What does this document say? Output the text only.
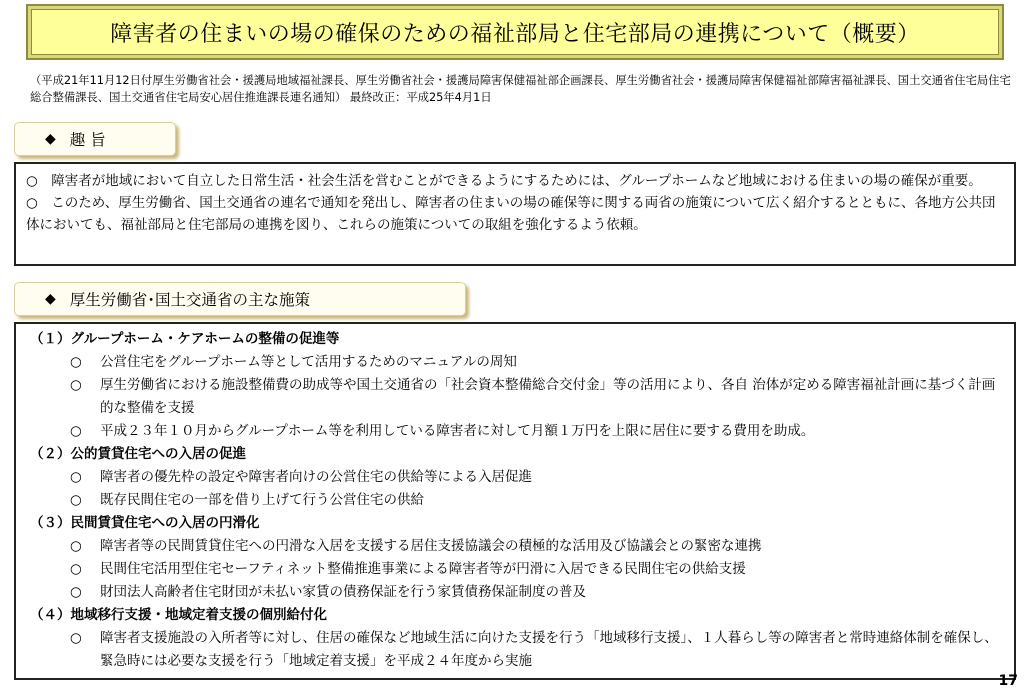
障害者の住まいの場の確保のための福祉部局と住宅部局の連携について（概要）
（平成21年11月12日付厚生労働省社会・援護局地域福祉課長、厚生労働省社会・援護局障害保健福祉部企画課長、厚生労働省社会・援護局障害保健福祉部障害福祉課長、国土交通省住宅局住宅総合整備課長、国土交通省住宅局安心居住推進課長連名通知） 最終改正：平成25年4月1日
◆ 趣 旨
○　障害者が地域において自立した日常生活・社会生活を営むことができるようにするためには、グループホームなど地域における住まいの場の確保が重要。
○　このため、厚生労働省、国土交通省の連名で通知を発出し、障害者の住まいの場の確保等に関する両省の施策について広く紹介するとともに、各地方公共団体においても、福祉部局と住宅部局の連携を図り、これらの施策についての取組を強化するよう依頼。
◆ 厚生労働省･国土交通省の主な施策
（１）グループホーム・ケアホームの整備の促進等
○ 公営住宅をグループホーム等として活用するためのマニュアルの周知
○ 厚生労働省における施設整備費の助成等や国土交通省の「社会資本整備総合交付金」等の活用により、各自 治体が定める障害福祉計画に基づく計画的な整備を支援
○ 平成２３年１０月からグループホーム等を利用している障害者に対して月額１万円を上限に居住に要する費用を助成。
（２）公的賃貸住宅への入居の促進
○ 障害者の優先枠の設定や障害者向けの公営住宅の供給等による入居促進
○ 既存民間住宅の一部を借り上げて行う公営住宅の供給
（３）民間賃貸住宅への入居の円滑化
○ 障害者等の民間賃貸住宅への円滑な入居を支援する居住支援協議会の積極的な活用及び協議会との緊密な連携
○ 民間住宅活用型住宅セーフティネット整備推進事業による障害者等が円滑に入居できる民間住宅の供給支援
○ 財団法人高齢者住宅財団が未払い家賃の債務保証を行う家賃債務保証制度の普及
（４）地域移行支援・地域定着支援の個別給付化
○ 障害者支援施設の入所者等に対し、住居の確保など地域生活に向けた支援を行う「地域移行支援」、１人暮らし等の障害者と常時連絡体制を確保し、緊急時には必要な支援を行う「地域定着支援」を平成２４年度から実施
17
